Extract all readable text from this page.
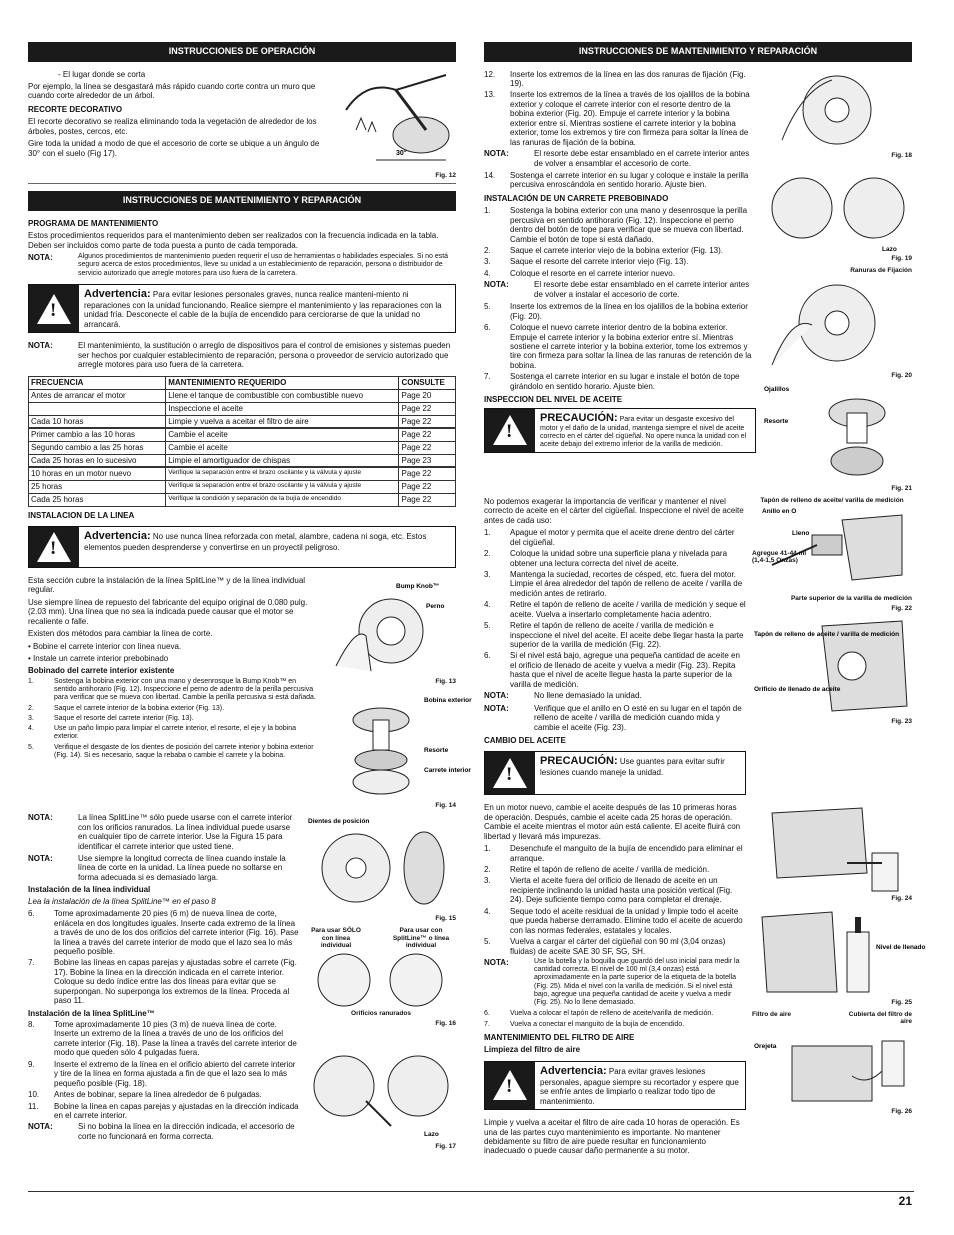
INSTRUCCIONES DE OPERACIÓN

- El lugar donde se corta

Por ejemplo, la línea se desgastará más rápido cuando corte contra un muro que cuando corte alrededor de un árbol.

RECORTE DECORATIVO

El recorte decorativo se realiza eliminando toda la vegetación de alrededor de los árboles, postes, cercos, etc.

Gire toda la unidad a modo de que el accesorio de corte se ubique a un ángulo de 30° con el suelo (Fig 17).	30°
Fig. 12
INSTRUCCIONES DE MANTENIMIENTO Y REPARACIÓN
PROGRAMA DE MANTENIMIENTO

Estos procedimientos requeridos para el mantenimiento deben ser realizados con la frecuencia indicada en la tabla. Deben ser incluidos como parte de toda puesta a punto de cada temporada.

NOTA:	Algunos procedimientos de mantenimiento pueden requerir el uso de herramientas o habilidades especiales. Si no está seguro acerca de estos procedimientos, lleve su unidad a un establecimiento de reparación, persona o distribuidor de servicio autorizado que arregle motores para uso fuera de la carretera.
!
Advertencia: Para evitar lesiones personales graves, nunca realice manteni-miento ni reparaciones con la unidad funcionando. Realice siempre el mantenimiento y las reparaciones con la unidad fría. Desconecte el cable de la bujía de encendido para cerciorarse de que la unidad no arrancará.
NOTA:	El mantenimiento, la sustitución o arreglo de dispositivos para el control de emisiones y sistemas pueden ser hechos por cualquier establecimiento de reparación, persona o proveedor de servicio autorizado que arregle motores para uso fuera de la carretera.
FRECUENCIA	MANTENIMIENTO REQUERIDO	CONSULTE
Antes de arrancar el motor	Llene el tanque de combustible con combustible nuevo	Page 20
	Inspeccione el aceite	Page 22
Cada 10 horas	Limpie y vuelva a aceitar el filtro de aire	Page 22
Primer cambio a las 10 horas	Cambie el aceite	Page 22
Segundo cambio a las 25 horas	Cambie el aceite	Page 22
Cada 25 horas en lo sucesivo	Limpie el amortiguador de chispas	Page 23
10 horas en un motor nuevo	Verifique la separación entre el brazo oscilante y la válvula y ajuste	Page 22
25 horas	Verifique la separación entre el brazo oscilante y la válvula y ajuste	Page 22
Cada 25 horas	Verifique la condición y separación de la bujía de encendido	Page 22
INSTALACION DE LA LINEA
!
Advertencia: No use nunca línea reforzada con metal, alambre, cadena ni soga, etc. Estos elementos pueden desprenderse y convertirse en un proyectil peligroso.

Esta sección cubre la instalación de la línea SplitLine™ y de la línea individual regular.

Use siempre línea de repuesto del fabricante del equipo original de 0.080 pulg. (2.03 mm). Una línea que no sea la indicada puede causar que el motor se recaliente o falle.

Existen dos métodos para cambiar la línea de corte.

• Bobine el carrete interior con línea nueva.

• Instale un carrete interior prebobinado

Bobinado del carrete interior existente
1.	Sostenga la bobina exterior con una mano y desenrosque la Bump Knob™ en sentido antihorario (Fig. 12). Inspeccione el perno de adentro de la perilla percusiva para verificar que se mueva con libertad. Cambie la perilla percusiva si está dañada.
2.	Saque el carrete interior de la bobina exterior (Fig. 13).
3.	Saque el resorte del carrete interior (Fig. 13).
4.	Use un paño limpio para limpiar el carrete interior, el resorte, el eje y la bobina exterior.
5.	Verifique el desgaste de los dientes de posición del carrete interior y bobina exterior (Fig. 14). Si es necesario, saque la rebaba o cambie el carrete y la bobina.
Bump Knob™
Perno
Fig. 13
Bobina exterior
Resorte
Carrete interior
Fig. 14
NOTA:	La línea SplitLine™ sólo puede usarse con el carrete interior con los orificios ranurados. La línea individual puede usarse en cualquier tipo de carrete interior. Use la Figura 15 para identificar el carrete interior que usted tiene.
NOTA:	Use siempre la longitud correcta de línea cuando instale la línea de corte en la unidad. La línea puede no soltarse en forma adecuada si es demasiado larga.
Instalación de la línea individual

Lea la instalación de la línea SplitLine™ en el paso 8

6.	Tome aproximadamente 20 pies (6 m) de nueva línea de corte, enlácela en dos longitudes iguales. Inserte cada extremo de la línea a través de uno de los dos orificios del carrete interior (Fig. 16). Pase la línea a través del carrete interior de modo que el lazo sea lo más pequeño posible.
7.	Bobine las líneas en capas parejas y ajustadas sobre el carrete (Fig. 17). Bobine la línea en la dirección indicada en el carrete interior. Coloque su dedo índice entre las dos líneas para evitar que se superpongan. No superponga los extremos de la línea. Proceda al paso 11.
Instalación de la línea SplitLine™
8.	Tome aproximadamente 10 pies (3 m) de nueva línea de corte. Inserte un extremo de la línea a través de uno de los orificios del carrete interior (Fig. 18). Pase la línea a través del carrete interior de modo que queden sólo 4 pulgadas fuera.
9.	Inserte el extremo de la línea en el orificio abierto del carrete interior y tire de la línea en forma ajustada a fin de que el lazo sea lo más pequeño posible (Fig. 18).
10.	Antes de bobinar, separe la línea alrededor de 6 pulgadas.
11.	Bobine la línea en capas parejas y ajustadas en la dirección indicada en el carrete interior.
NOTA:	Si no bobina la línea en la dirección indicada, el accesorio de corte no funcionará en forma correcta.
Dientes de posición
Fig. 15
Para usar SÓLO con línea individual
Para usar con SplitLine™ o línea individual
Orificios ranurados
Fig. 16
Lazo
Fig. 17
INSTRUCCIONES DE MANTENIMIENTO Y REPARACIÓN
12.	Inserte los extremos de la línea en las dos ranuras de fijación (Fig. 19).
13.	Inserte los extremos de la línea a través de los ojalillos de la bobina exterior y coloque el carrete interior con el resorte dentro de la bobina exterior (Fig. 20). Empuje el carrete interior y la bobina exterior entre sí. Mientras sostiene el carrete interior y la bobina exterior, tome los extremos y tire con firmeza para soltar la línea de las ranuras de fijación de la bobina.
NOTA:	El resorte debe estar ensamblado en el carrete interior antes de volver a ensamblar el accesorio de corte.
14.	Sostenga el carrete interior en su lugar y coloque e instale la perilla percusiva enroscándola en sentido horario. Ajuste bien.
INSTALACIÓN DE UN CARRETE PREBOBINADO
1.	Sostenga la bobina exterior con una mano y desenrosque la perilla percusiva en sentido antihorario (Fig. 12). Inspeccione el perno dentro del botón de tope para verificar que se mueva con libertad. Cambie el botón de tope si está dañado.
2.	Saque el carrete interior viejo de la bobina exterior (Fig. 13).
3.	Saque el resorte del carrete interior viejo (Fig. 13).
4.	Coloque el resorte en el carrete interior nuevo.
NOTA:	El resorte debe estar ensamblado en el carrete interior antes de volver a instalar el accesorio de corte.
5.	Inserte los extremos de la línea en los ojalillos de la bobina exterior (Fig. 20).
6.	Coloque el nuevo carrete interior dentro de la bobina exterior. Empuje el carrete interior y la bobina exterior entre sí. Mientras sostiene el carrete interior y la bobina exterior, tome los extremos y tire con firmeza para soltar la línea de las ranuras de retención de la bobina.
7.	Sostenga el carrete interior en su lugar e instale el botón de tope girándolo en sentido horario. Ajuste bien.
INSPECCION DEL NIVEL DE ACEITE
!
PRECAUCIÓN: Para evitar un desgaste excesivo del motor y el daño de la unidad, mantenga siempre el nivel de aceite correcto en el cárter del cigüeñal. No opere nunca la unidad con el aceite debajo del extremo inferior de la varilla de medición.
Fig. 18
Lazo
Fig. 19
Ranuras de Fijación
Fig. 20
Ojalillos
Resorte
Fig. 21

No podemos exagerar la importancia de verificar y mantener el nivel correcto de aceite en el cárter del cigüeñal. Inspeccione el nivel de aceite antes de cada uso:

1.	Apague el motor y permita que el aceite drene dentro del cárter del cigüeñal.
2.	Coloque la unidad sobre una superficie plana y nivelada para obtener una lectura correcta del nivel de aceite.
3.	Mantenga la suciedad, recortes de césped, etc. fuera del motor. Limpie el área alrededor del tapón de relleno de aceite / varilla de medición antes de retirarlo.
4.	Retire el tapón de relleno de aceite / varilla de medición y seque el aceite. Vuelva a insertarlo completamente hacia adentro.
5.	Retire el tapón de relleno de aceite / varilla de medición e inspeccione el nivel del aceite. El aceite debe llegar hasta la parte superior de la varilla de medición (Fig. 22).
6.	Si el nivel está bajo, agregue una pequeña cantidad de aceite en el orificio de llenado de aceite y vuelva a medir (Fig. 23). Repita hasta que el nivel de aceite llegue hasta la parte superior de la varilla de medición.
NOTA:	No llene demasiado la unidad.
NOTA:	Verifique que el anillo en O esté en su lugar en el tapón de relleno de aceite / varilla de medición cuando mida y cambie el aceite (Fig. 23).
CAMBIO DEL ACEITE
!
PRECAUCIÓN: Use guantes para evitar sufrir lesiones cuando maneje la unidad.
Tapón de relleno de aceite/ varilla de medición
Anillo en O
Lleno
Agregue 41-44 ml (1,4-1,5 Onzas)
Parte superior de la varilla de medición
Fig. 22
Tapón de relleno de aceite / varilla de medición
Orificio de llenado de aceite
Fig. 23

En un motor nuevo, cambie el aceite después de las 10 primeras horas de operación. Después, cambie el aceite cada 25 horas de operación. Cambie el aceite mientras el motor aún está caliente. El aceite fluirá con libertad y llevará más impurezas.

1.	Desenchufe el manguito de la bujía de encendido para eliminar el arranque.
2.	Retire el tapón de relleno de aceite / varilla de medición.
3.	Vierta el aceite fuera del orificio de llenado de aceite en un recipiente inclinando la unidad hasta una posición vertical (Fig. 24). Deje suficiente tiempo como para completar el drenaje.
4.	Seque todo el aceite residual de la unidad y limpie todo el aceite que pueda haberse derramado. Elimine todo el aceite de acuerdo con las normas federales, estatales y locales.
5.	Vuelva a cargar el cárter del cigüeñal con 90 ml (3,04 onzas) fluidas) de aceite SAE 30 SF, SG, SH.
NOTA:	Use la botella y la boquilla que guardó del uso inicial para medir la cantidad correcta. El nivel de 100 ml (3,4 onzas) está aproximadamente en la parte superior de la etiqueta de la botella (Fig. 25). Mida el nivel con la varilla de medición. Si el nivel está bajo, agregue una pequeña cantidad de aceite y vuelva a medir (Fig. 25). No lo llene demasiado.
6.	Vuelva a colocar el tapón de relleno de aceite/varilla de medición.
7.	Vuelva a conectar el manguito de la bujía de encendido.
MANTENIMIENTO DEL FILTRO DE AIRE
Limpieza del filtro de aire
!
Advertencia: Para evitar graves lesiones personales, apague siempre su recortador y espere que se enfríe antes de limpiarlo o realizar todo tipo de mantenimiento.

Limpie y vuelva a aceitar el filtro de aire cada 10 horas de operación. Es una de las partes cuyo mantenimiento es importante. No mantener debidamente su filtro de aire puede resultar en funcionamiento inadecuado o puede causar daño permanente a su motor.

Fig. 24
Nivel de llenado
Fig. 25
Filtro de aire	Cubierta del filtro de aire
Orejeta
Fig. 26
21
